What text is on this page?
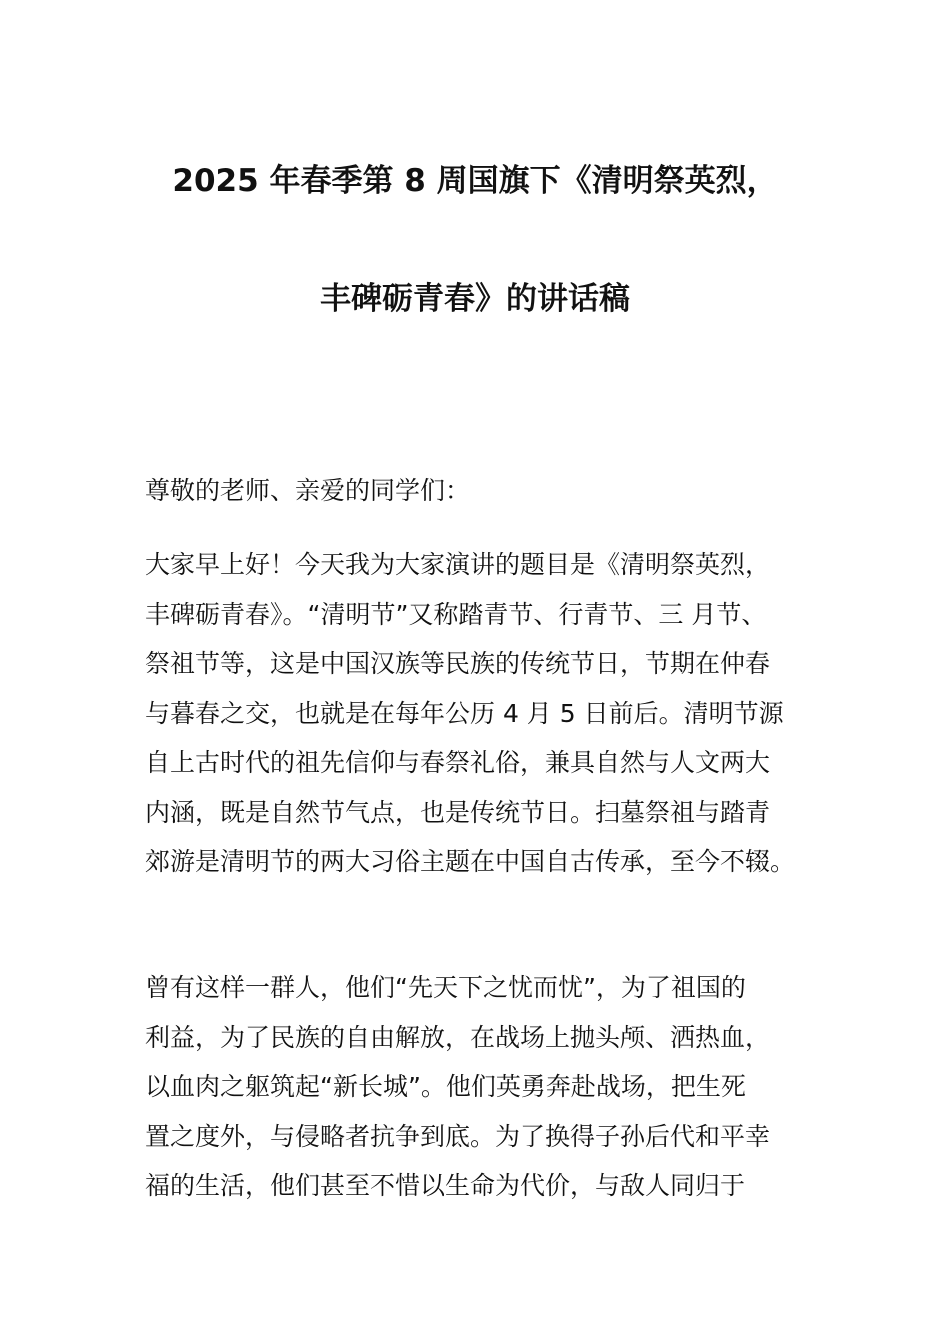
2025 年春季第 8 周国旗下《清明祭英烈，
丰碑砺青春》的讲话稿
尊敬的老师、亲爱的同学们：
大家早上好！今天我为大家演讲的题目是《清明祭英烈，
丰碑砺青春》。“清明节”又称踏青节、行青节、三 月节、
祭祖节等，这是中国汉族等民族的传统节日，节期在仲春
与暮春之交，也就是在每年公历 4 月 5 日前后。清明节源
自上古时代的祖先信仰与春祭礼俗，兼具自然与人文两大
内涵，既是自然节气点，也是传统节日。扫墓祭祖与踏青
郊游是清明节的两大习俗主题在中国自古传承，至今不辍。
曾有这样一群人，他们“先天下之忧而忧”，为了祖国的
利益，为了民族的自由解放，在战场上抛头颅、洒热血，
以血肉之躯筑起“新长城”。他们英勇奔赴战场，把生死
置之度外，与侵略者抗争到底。为了换得子孙后代和平幸
福的生活，他们甚至不惜以生命为代价，与敌人同归于
